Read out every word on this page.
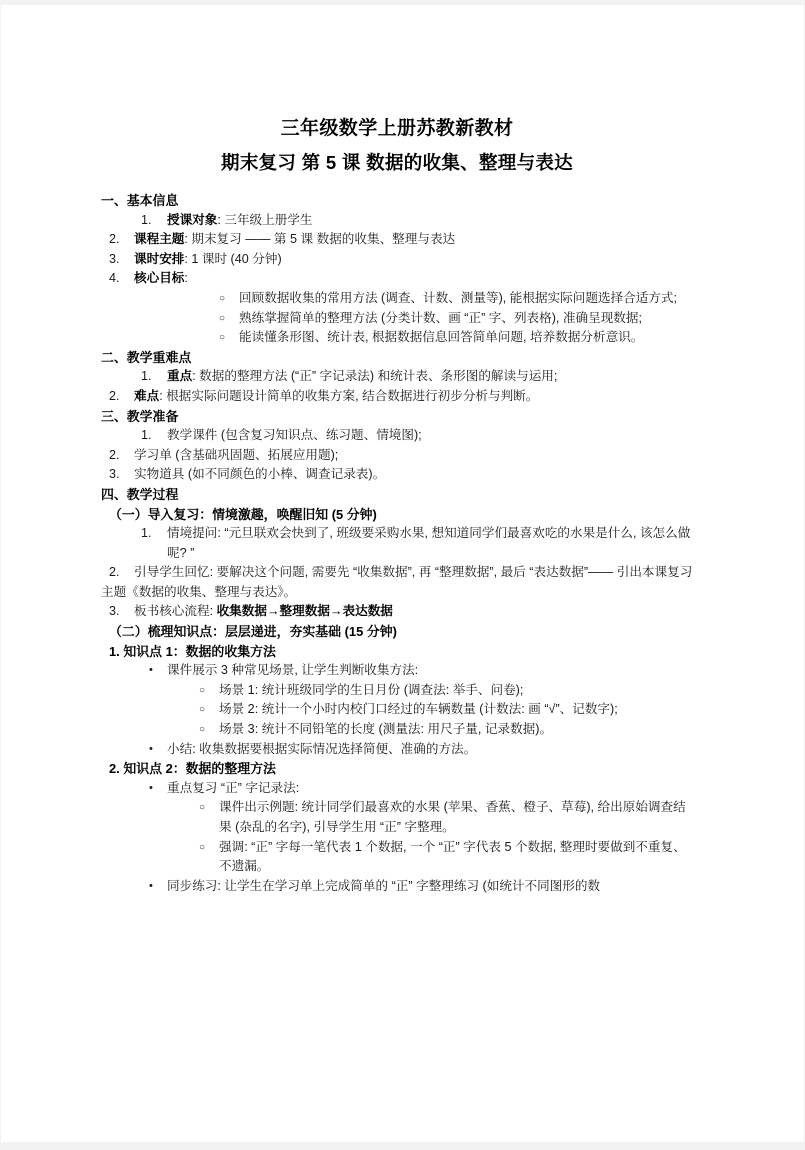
三年级数学上册苏教新教材
期末复习 第 5 课 数据的收集、整理与表达
一、基本信息
1.	授课对象: 三年级上册学生
2.	课程主题: 期末复习 —— 第 5 课 数据的收集、整理与表达
3.	课时安排: 1 课时 (40 分钟)
4.	核心目标:
○	回顾数据收集的常用方法 (调查、计数、测量等), 能根据实际问题选择合适方式;
○	熟练掌握简单的整理方法 (分类计数、画 “正” 字、列表格), 准确呈现数据;
○	能读懂条形图、统计表, 根据数据信息回答简单问题, 培养数据分析意识。
二、教学重难点
1.	重点: 数据的整理方法 (“正” 字记录法) 和统计表、条形图的解读与运用;
2.	难点: 根据实际问题设计简单的收集方案, 结合数据进行初步分析与判断。
三、教学准备
1.	教学课件 (包含复习知识点、练习题、情境图);
2.	学习单 (含基础巩固题、拓展应用题);
3.	实物道具 (如不同颜色的小棒、调查记录表)。
四、教学过程
（一）导入复习：情境激趣，唤醒旧知 (5 分钟)
1.	情境提问: “元旦联欢会快到了, 班级要采购水果, 想知道同学们最喜欢吃的水果是什么, 该怎么做呢? ”
2.	引导学生回忆: 要解决这个问题, 需要先 “收集数据”, 再 “整理数据”, 最后 “表达数据”—— 引出本课复习主题《数据的收集、整理与表达》。
3.	板书核心流程: 收集数据→整理数据→表达数据
（二）梳理知识点：层层递进，夯实基础 (15 分钟)
1. 知识点 1：数据的收集方法
•	课件展示 3 种常见场景, 让学生判断收集方法:
○	场景 1: 统计班级同学的生日月份 (调查法: 举手、问卷);
○	场景 2: 统计一个小时内校门口经过的车辆数量 (计数法: 画 “√”、记数字);
○	场景 3: 统计不同铅笔的长度 (测量法: 用尺子量, 记录数据)。
•	小结: 收集数据要根据实际情况选择简便、准确的方法。
2. 知识点 2：数据的整理方法
•	重点复习 “正” 字记录法:
○	课件出示例题: 统计同学们最喜欢的水果 (苹果、香蕉、橙子、草莓), 给出原始调查结果 (杂乱的名字), 引导学生用 “正” 字整理。
○	强调: “正” 字每一笔代表 1 个数据, 一个 “正” 字代表 5 个数据, 整理时要做到不重复、不遗漏。
•	同步练习: 让学生在学习单上完成简单的 “正” 字整理练习 (如统计不同图形的数
